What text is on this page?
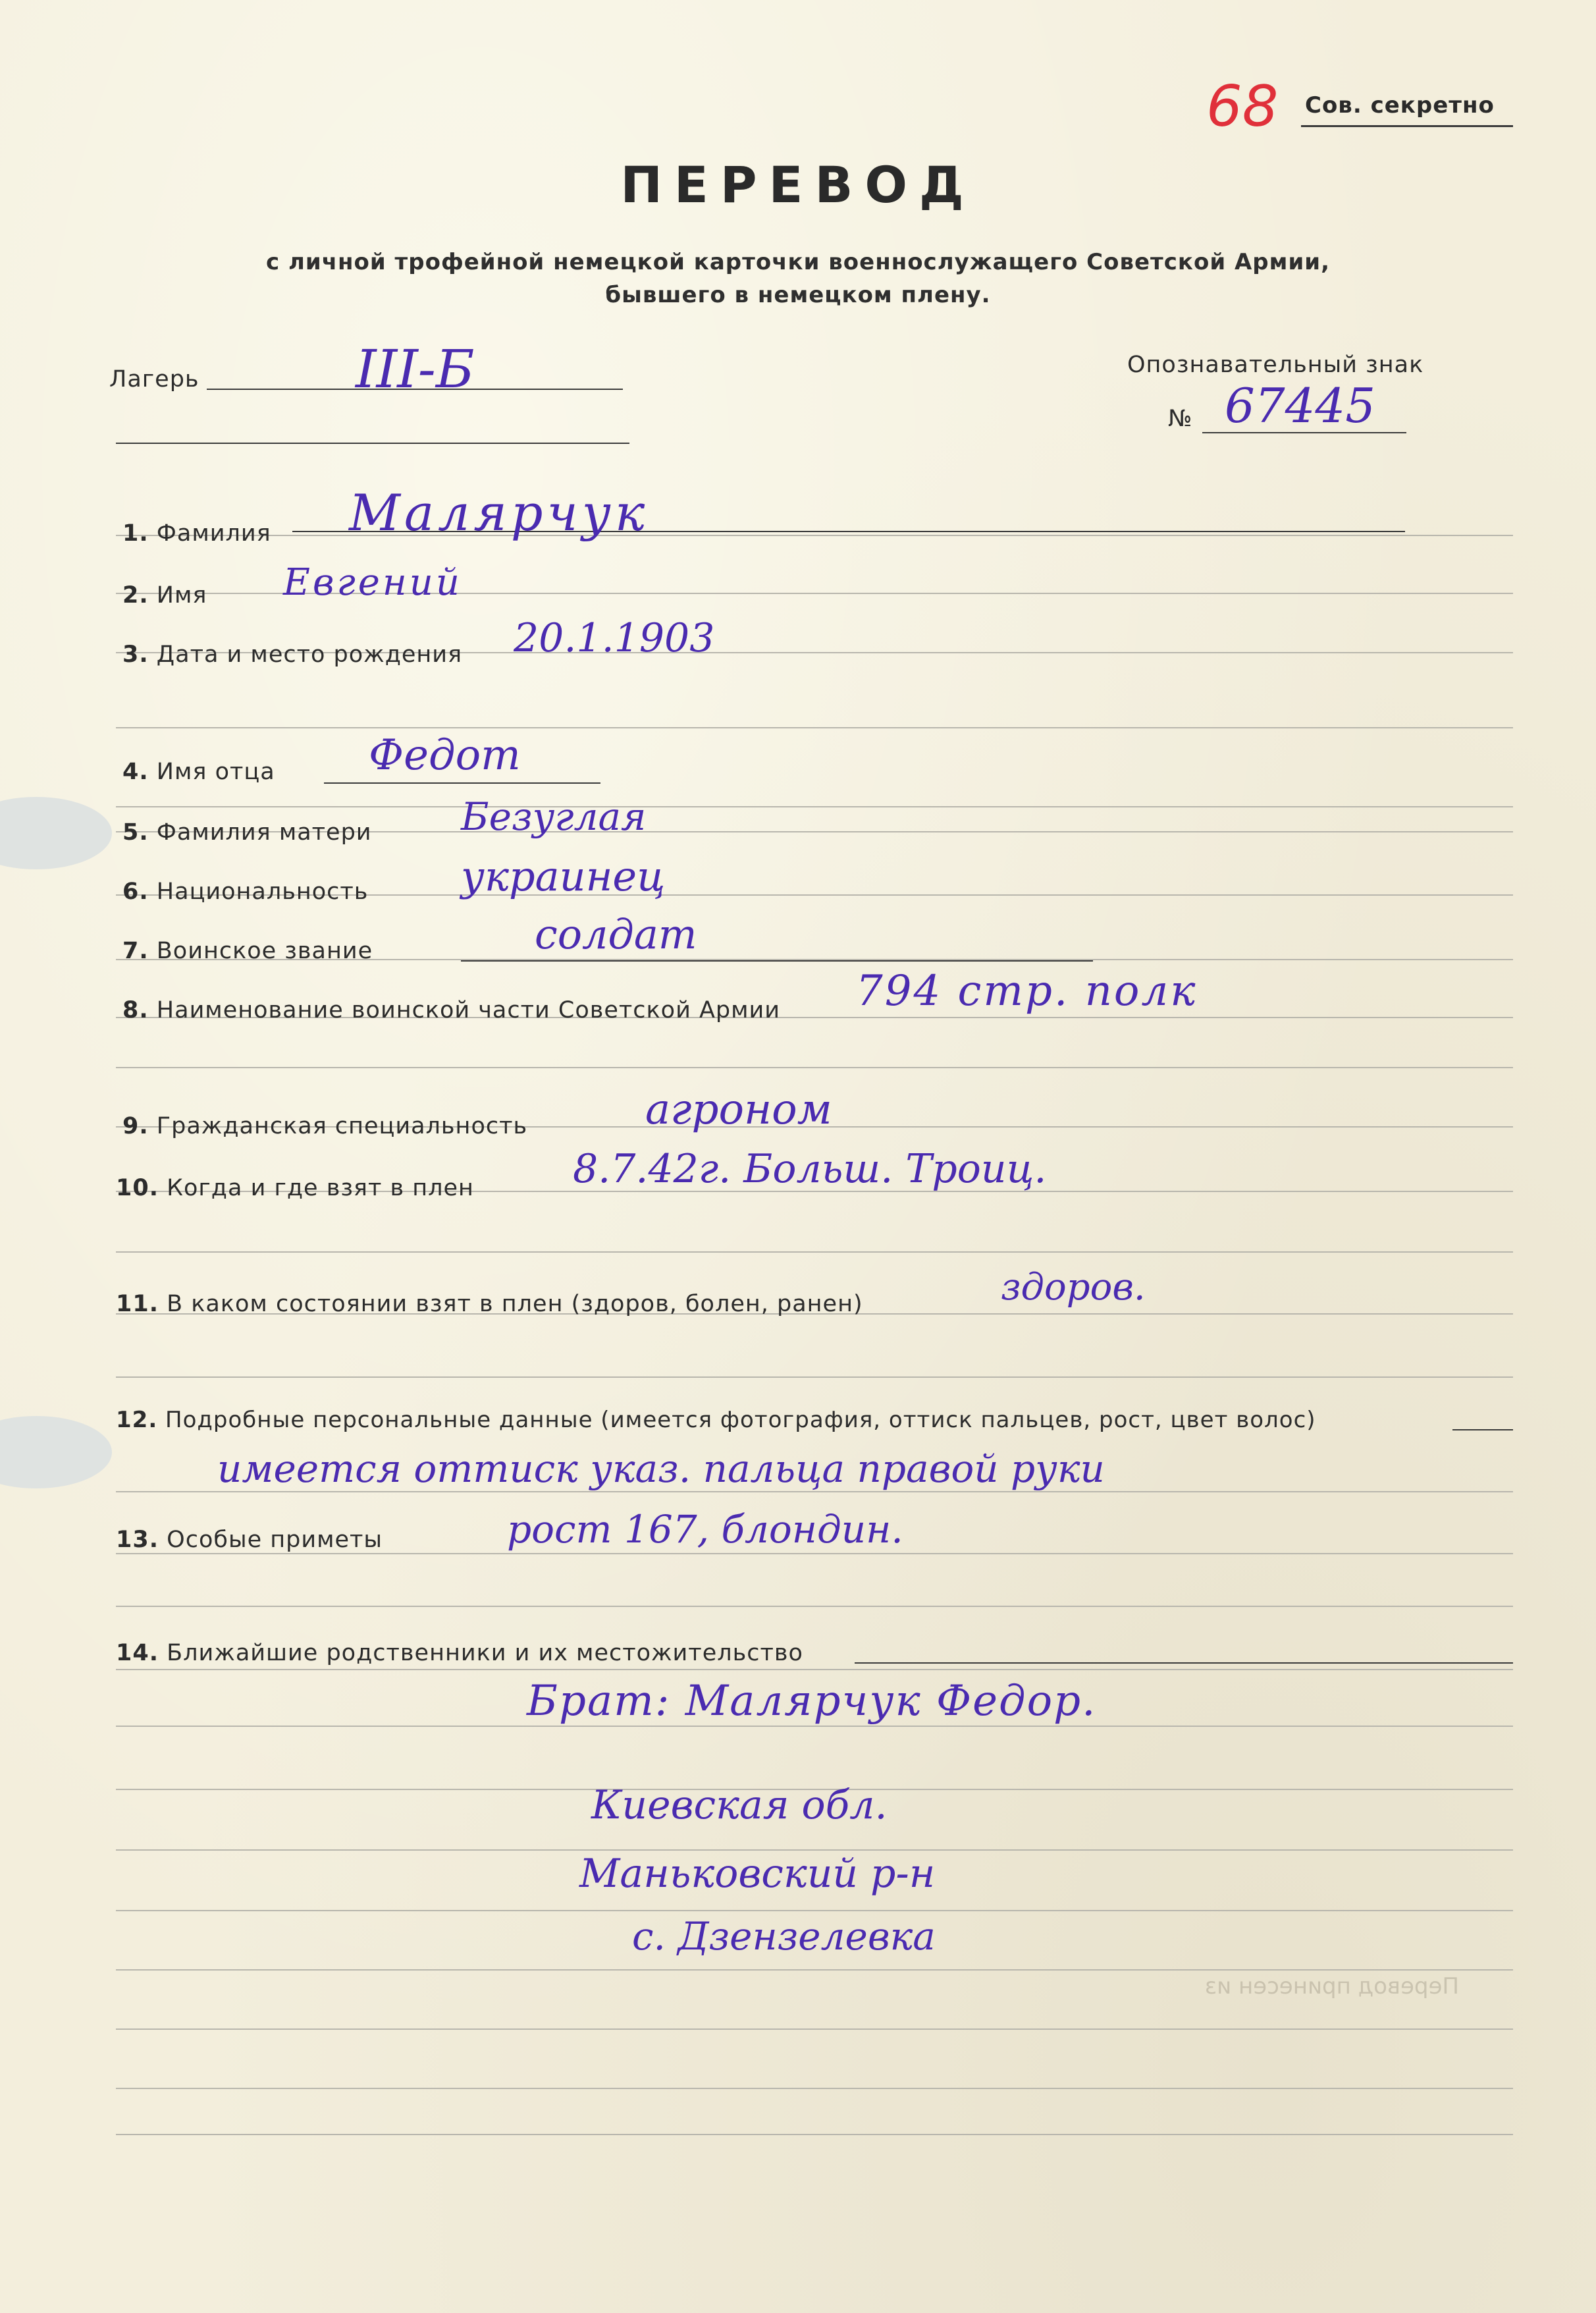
68 Сов. секретно
ПЕРЕВОД
с личной трофейной немецкой карточки военнослужащего Советской Армии,
бывшего в немецком плену.
Лагерь	III-Б	Опознавательный знак
№ 67445
1. Фамилия Малярчук
2. Имя Евгений
3. Дата и место рождения 20.1.1903
4. Имя отца Федот
5. Фамилия матери Безуглая
6. Национальность украинец
7. Воинское звание	солдат
8. Наименование воинской части Советской Армии 794 стр. полк
9. Гражданская специальность	агроном
10. Когда и где взят в плен	8.7.42г. Больш. Троиц.
11. В каком состоянии взят в плен (здоров, болен, ранен)	здоров.
12. Подробные персональные данные (имеется фотография, оттиск пальцев, рост, цвет волос)
имеется оттиск указ. пальца правой руки
13. Особые приметы	рост 167, блондин.
14. Ближайшие родственники и их местожительство
Брат: Малярчук Федор.
Киевская обл.
Маньковский р-н
с. Дзензелевка
Перевод принесен из
